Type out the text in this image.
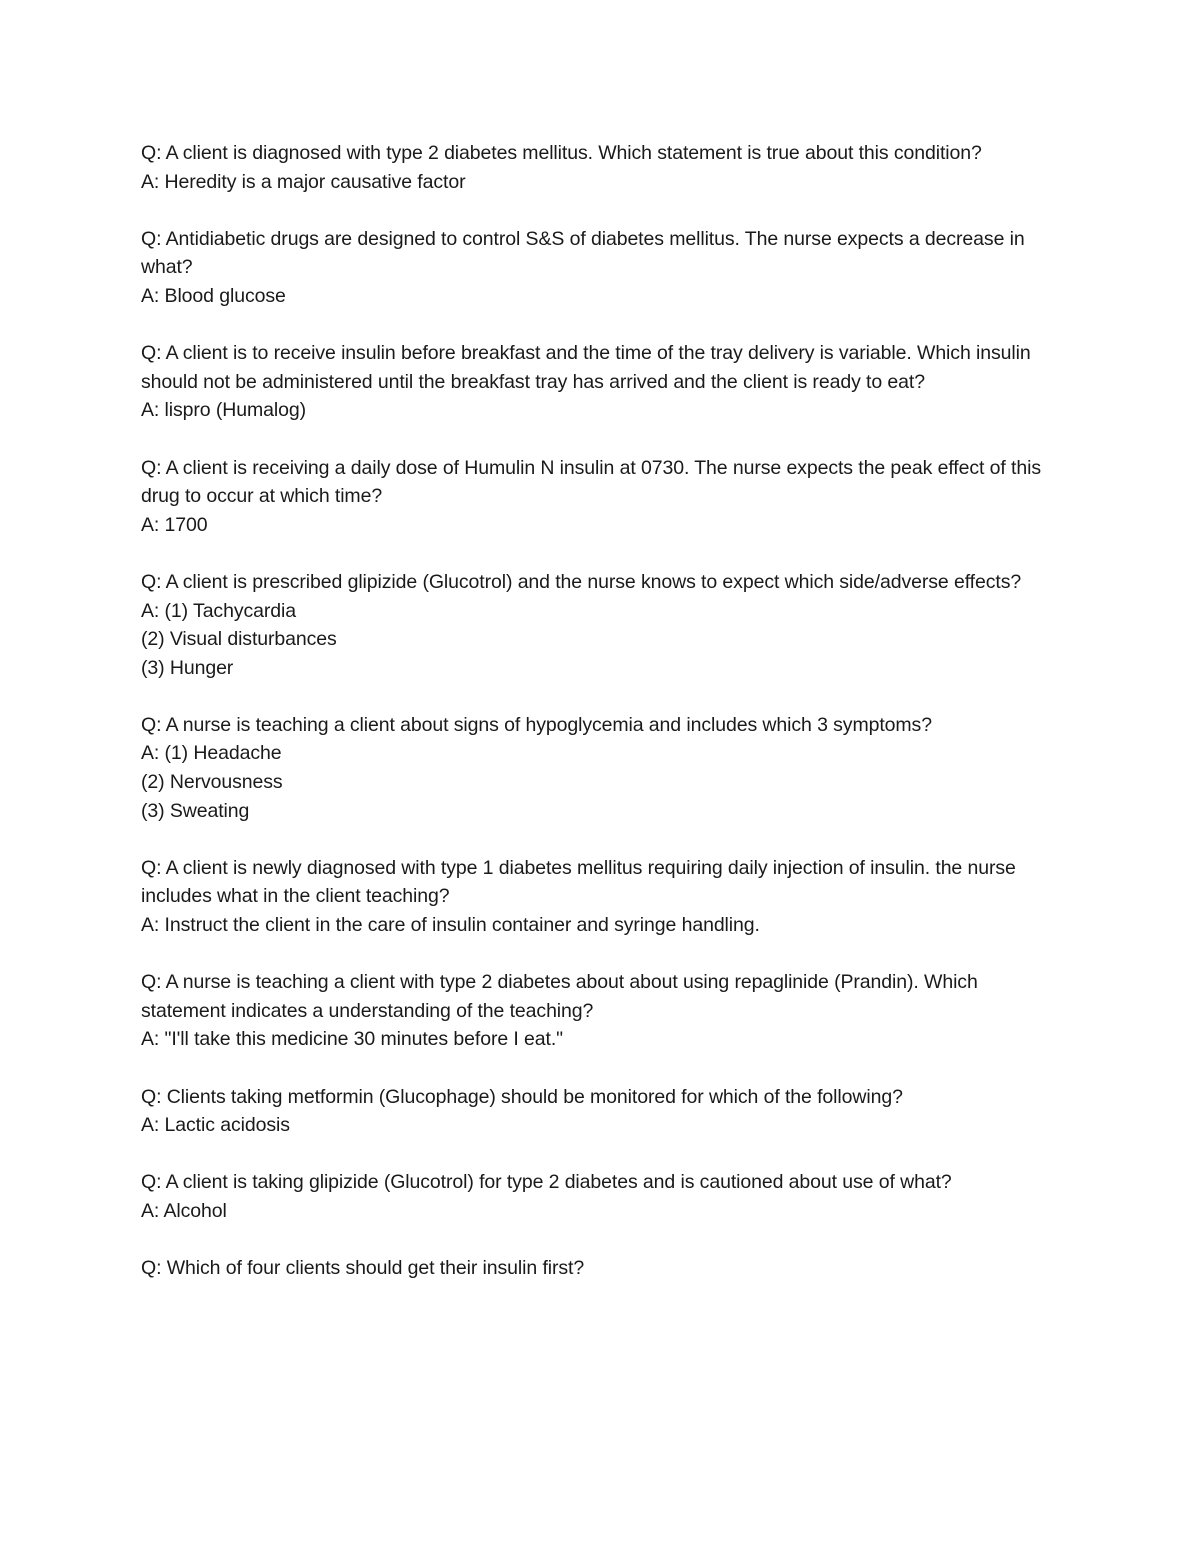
Q: A client is diagnosed with type 2 diabetes mellitus. Which statement is true about this condition?
A: Heredity is a major causative factor
Q: Antidiabetic drugs are designed to control S&S of diabetes mellitus. The nurse expects a decrease in what?
A: Blood glucose
Q: A client is to receive insulin before breakfast and the time of the tray delivery is variable. Which insulin should not be administered until the breakfast tray has arrived and the client is ready to eat?
A: lispro (Humalog)
Q: A client is receiving a daily dose of Humulin N insulin at 0730. The nurse expects the peak effect of this drug to occur at which time?
A: 1700
Q: A client is prescribed glipizide (Glucotrol) and the nurse knows to expect which side/adverse effects?
A: (1) Tachycardia
(2) Visual disturbances
(3) Hunger
Q: A nurse is teaching a client about signs of hypoglycemia and includes which 3 symptoms?
A: (1) Headache
(2) Nervousness
(3) Sweating
Q: A client is newly diagnosed with type 1 diabetes mellitus requiring daily injection of insulin. the nurse includes what in the client teaching?
A: Instruct the client in the care of insulin container and syringe handling.
Q: A nurse is teaching a client with type 2 diabetes about about using repaglinide (Prandin). Which statement indicates a understanding of the teaching?
A: "I'll take this medicine 30 minutes before I eat."
Q: Clients taking metformin (Glucophage) should be monitored for which of the following?
A: Lactic acidosis
Q: A client is taking glipizide (Glucotrol) for type 2 diabetes and is cautioned about use of what?
A: Alcohol
Q: Which of four clients should get their insulin first?
